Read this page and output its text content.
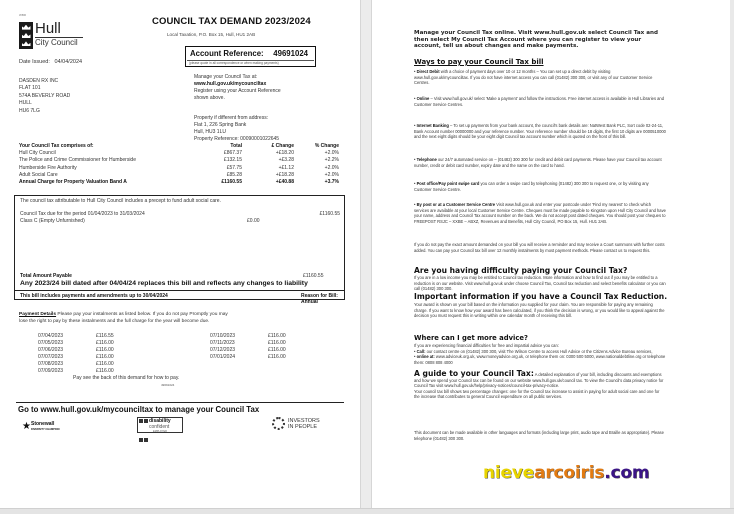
WBR
Hull
City Council
Date Issued: 04/04/2024
DASDEN RX INC
FLAT 101
574A BEVERLY ROAD
HULL
HU6 7LG
COUNCIL TAX DEMAND 2023/2024
Local Taxation, P.O. Box 15, Hull, HU1 2AB
Account Reference: 49691024
(please quote in all correspondence or when making payments)
Manage your Council Tax at:
www.hull.gov.uk/mycounciltax
Register using your Account Reference
shown above.
Property if different from address:
Flat 1, 226 Spring Bank
Hull, HU3 1LU
Property Reference: 00090001022645
Your Council Tax comprises of:	Total	£ Change	% Change
Hull City Council	£867.37	+£18.20	+2.0%
The Police and Crime Commissioner for Humberside	£132.15	+£3.28	+2.2%
Humberside Fire Authority	£57.75	+£1.12	+2.0%
Adult Social Care	£85.28	+£18.28	+2.0%
Annual Charge for Property Valuation Band A	£1160.55	+£40.88	+3.7%
The council tax attributable to Hull City Council includes a precept to fund adult social care.
Council Tax due for the period 01/04/2023 to 31/03/2024	£1160.55
Class C (Empty Unfurnished)	£0.00
Total Amount Payable	£1160.55
Any 2023/24 bill dated after 04/04/24 replaces this bill and reflects any changes to liability
This bill includes payments and amendments up to 30/04/2024	Reason for Bill: Annual
Payment Details Please pay your instalments as listed below. If you do not pay Promptly you may lose the right to pay by these instalments and the full charge for the year will become due.
07/04/2023	£116.55
07/05/2023	£116.00
07/06/2023	£116.00
07/07/2023	£116.00
07/08/2023	£116.00
07/09/2023	£116.00
07/10/2023	£116.00
07/11/2023	£116.00
07/12/2023	£116.00
07/01/2024	£116.00
Pay see the back of this demand for how to pay.
49691024
Go to www.hull.gov.uk/mycounciltax to manage your Council Tax
★ Stonewall
DIVERSITY CHAMPION
disability
confident
EMPLOYER
INVESTORS
IN PEOPLE
Manage your Council Tax online. Visit www.hull.gov.uk select Council Tax and then select My Council Tax Account where you can register to view your account, tell us about changes and make payments.
Ways to pay your Council Tax bill
• Direct Debit with a choice of payment days over 10 or 12 months – You can set up a direct debit by visiting www.hull.gov.uk/mycounciltax. If you do not have internet access you can call (01482) 300 300, or visit any of our Customer Service Centres.
• Online – Visit www.hull.gov.uk/ select 'Make a payment' and follow the instructions. Free internet access is available in Hull Libraries and Customer Service Centres.
• Internet Banking – To set up payments from your bank account, the council's bank details are: NatWest Bank PLC, Sort code 02-24-11, Bank Account number 00000000 and your reference number. Your reference number should be 18 digits, the first 10 digits are 0000510000 and the next eight digits should be your eight digit Council tax account number which is quoted on the front of this bill.
• Telephone our 24/7 automated service on – (01482) 300 300 for credit and debit card payments. Please have your Council tax account number, credit or debit card number, expiry date and the name on the card to hand.
• Post office/Pay point swipe card you can order a swipe card by telephoning (01482) 300 300 to request one, or by visiting any Customer Service Centre.
• By post or at a Customer Service Centre Visit www.hull.gov.uk and enter your postcode under 'Find my nearest' to check which services are available at your local Customer Service Centre. Cheques must be made payable to Kingston upon Hull City Council and have your name, address and Council Tax account number on the back. We do not accept post dated cheques. You should post your cheques to FREEPOST RSJC – XXBE – ABXZ, Revenues and Benefits, Hull City Council, PO Box 15, Hull. HU1 2AB.
If you do not pay the exact amount demanded on your bill you will receive a reminder and may receive a Court summons with further costs added. You can pay your Council tax bill over 12 monthly instalments by most payment methods. Please contact us to request this.
Are you having difficulty paying your Council Tax?
If you are in a low income you may be entitled to Council tax reduction. More information and how to find out if you may be entitled to a reduction is on our website. Visit www.hull.gov.uk under choose Council Tax, Council tax reduction and select benefits calculator or you can call (01482) 300 300.
Important information if you have a Council Tax Reduction.
Your award is shown on your bill based on the information you supplied for your claim. You are responsible for paying any remaining charge. If you want to know how your award has been calculated, if you think the decision is wrong, or you would like to appeal against the decision you must request this in writing within one calendar month of receiving this bill.
Where can I get more advice?
If you are experiencing financial difficulties for free and impartial advice you can:
• Call: our contact centre on (01482) 300 300, visit The Wilson Centre to access Hull Advice or the Citizens Advice Bureau services,
• online at: www.adviceuk.org.uk, www.moneyadvice.org.uk, or telephone them on: 0300 500 5000, www.nationaldebtline.org or telephone them: 0808 808 4000
A guide to your Council Tax: A detailed explanation of your bill, including discounts and exemptions and how we spend your Council tax can be found on our website www.hull.gov.uk/council tax. To view the Council's data privacy notice for Council Tax visit www.hull.gov.uk/help/privacy-notices/council-tax-privacy-notice.
Your council tax bill shows two percentage changes: one for the Council tax increase to assist in paying for adult social care and one for the increase that contributes to general Council expenditure on all public services.
This document can be made available in other languages and formats (including large print, audio tape and Braille as appropriate). Please telephone (01482) 300 300.
nievearcoiris.com
